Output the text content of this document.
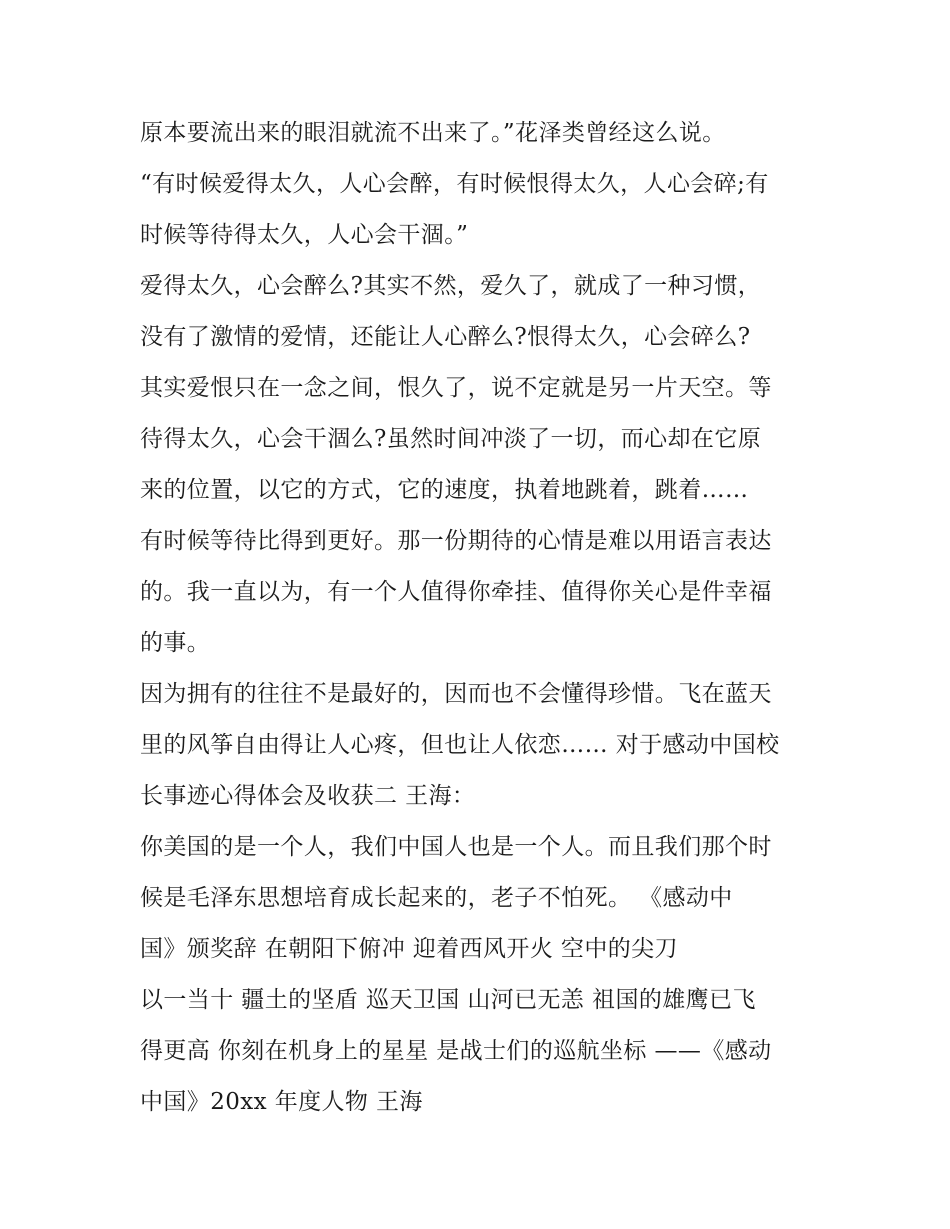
原本要流出来的眼泪就流不出来了。”花泽类曾经这么说。
“有时候爱得太久，人心会醉，有时候恨得太久，人心会碎;有
时候等待得太久，人心会干涸。”
爱得太久，心会醉么?其实不然，爱久了，就成了一种习惯，
没有了激情的爱情，还能让人心醉么?恨得太久，心会碎么?
其实爱恨只在一念之间，恨久了，说不定就是另一片天空。等
待得太久，心会干涸么?虽然时间冲淡了一切，而心却在它原
来的位置，以它的方式，它的速度，执着地跳着，跳着……
有时候等待比得到更好。那一份期待的心情是难以用语言表达
的。我一直以为，有一个人值得你牵挂、值得你关心是件幸福
的事。
因为拥有的往往不是最好的，因而也不会懂得珍惜。飞在蓝天
里的风筝自由得让人心疼，但也让人依恋…… 对于感动中国校
长事迹心得体会及收获二 王海：
你美国的是一个人，我们中国人也是一个人。而且我们那个时
候是毛泽东思想培育成长起来的，老子不怕死。 《感动中
国》颁奖辞 在朝阳下俯冲 迎着西风开火 空中的尖刀
以一当十 疆土的坚盾 巡天卫国 山河已无恙 祖国的雄鹰已飞
得更高 你刻在机身上的星星 是战士们的巡航坐标 ——《感动
中国》20xx 年度人物 王海
